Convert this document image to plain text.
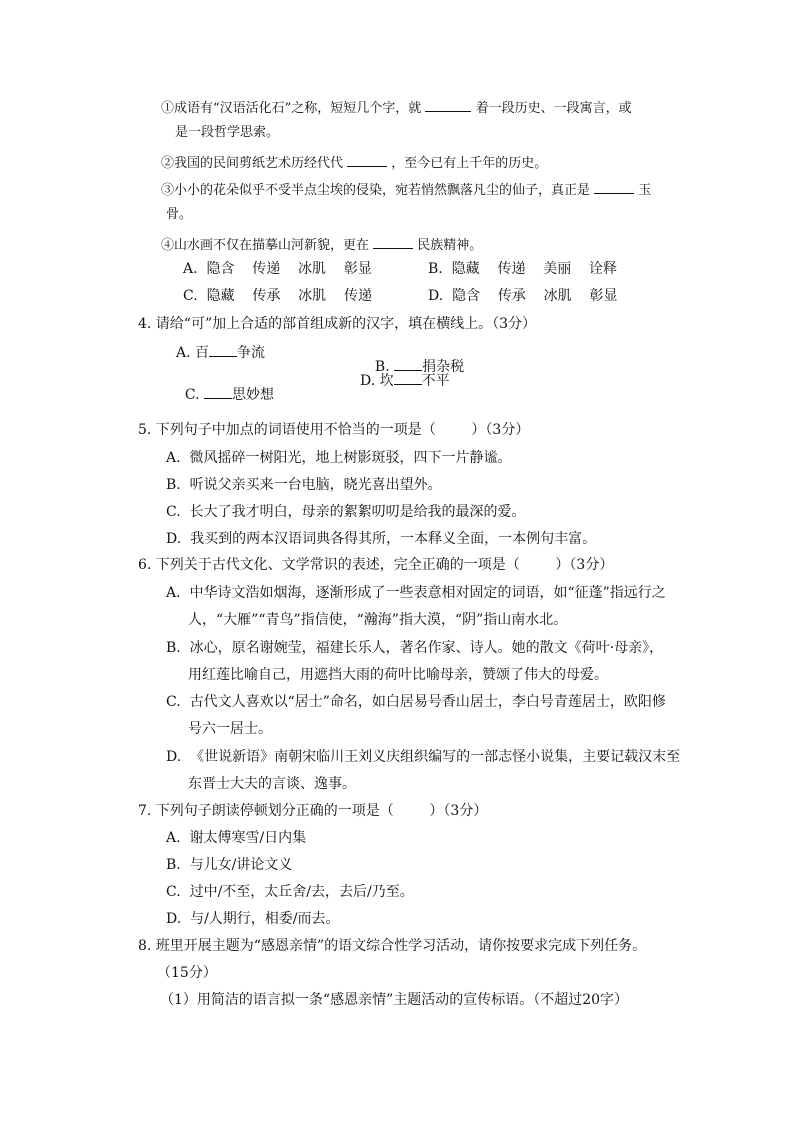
①成语有“汉语活化石”之称，短短几个字，就	着一段历史、一段寓言，或
是一段哲学思索。
②我国的民间剪纸艺术历经代代	，至今已有上千年的历史。
③小小的花朵似乎不受半点尘埃的侵染，宛若悄然飘落凡尘的仙子，真正是	玉
骨。
④山水画不仅在描摹山河新貌，更在	民族精神。
A.  隐含    传递    冰肌    彰显	B.  隐藏    传递    美丽    诠释
C.  隐藏    传承    冰肌    传递	D.  隐含    传承    冰肌    彰显
4. 请给“可”加上合适的部首组成新的汉字，填在横线上。（3分）
A. 百 争流

B. 捐杂税

C. 思妙想

D. 坎 不平
5. 下列句子中加点的词语使用不恰当的一项是（        ）（3分）
A.  微风摇碎一树阳光，地上树影斑驳，四下一片静谧。
B.  听说父亲买来一台电脑，晓光喜出望外。
C.  长大了我才明白，母亲的絮絮叨叨是给我的最深的爱。
D.  我买到的两本汉语词典各得其所，一本释义全面，一本例句丰富。
6. 下列关于古代文化、文学常识的表述，完全正确的一项是（        ）（3分）
A.  中华诗文浩如烟海，逐渐形成了一些表意相对固定的词语，如“征蓬”指远行之
人，“大雁”“青鸟”指信使，“瀚海”指大漠，“阴”指山南水北。
B.  冰心，原名谢婉莹，福建长乐人，著名作家、诗人。她的散文《荷叶·母亲》，
用红莲比喻自己，用遮挡大雨的荷叶比喻母亲，赞颂了伟大的母爱。
C.  古代文人喜欢以“居士”命名，如白居易号香山居士，李白号青莲居士，欧阳修
号六一居士。
D.  《世说新语》南朝宋临川王刘义庆组织编写的一部志怪小说集，主要记载汉末至
东晋士大夫的言谈、逸事。
7. 下列句子朗读停顿划分正确的一项是（        ）（3分）
A.  谢太傅寒雪/日内集
B.  与儿女/讲论文义
C.  过中/不至，太丘舍/去，去后/乃至。
D.  与/人期行，相委/而去。
8. 班里开展主题为“感恩亲情”的语文综合性学习活动，请你按要求完成下列任务。
（15分）
（1）用简洁的语言拟一条“感恩亲情”主题活动的宣传标语。（不超过20字）
